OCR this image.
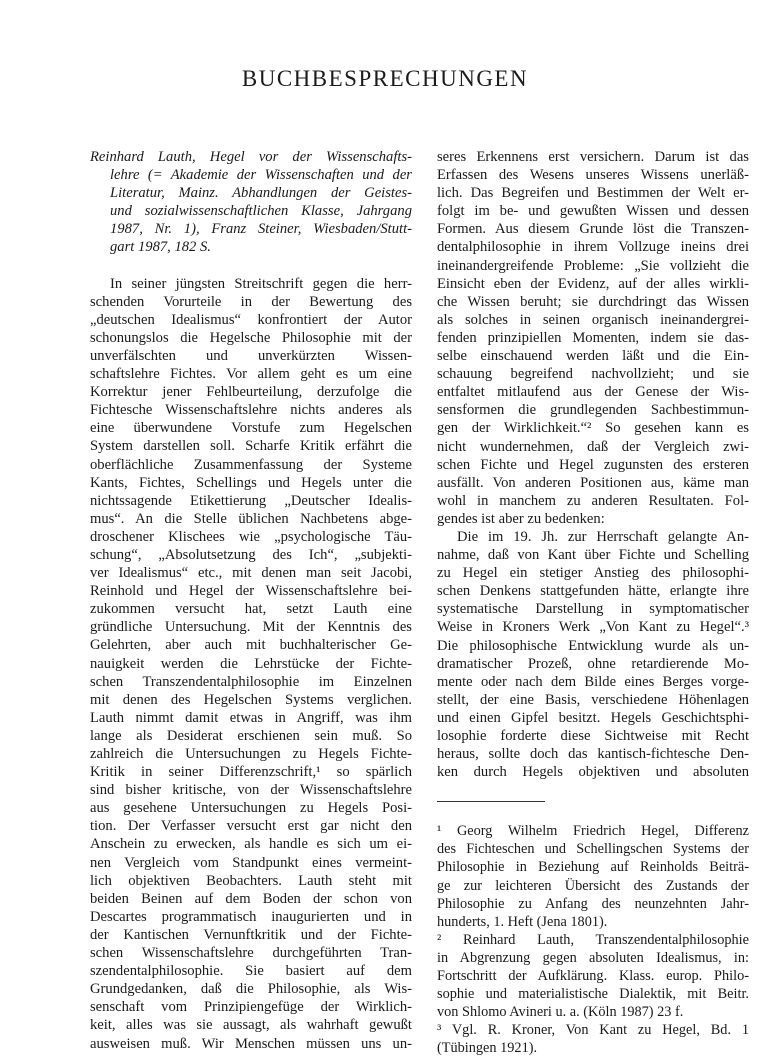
BUCHBESPRECHUNGEN
Reinhard Lauth, Hegel vor der Wissenschafts-
lehre (= Akademie der Wissenschaften und der
Literatur, Mainz. Abhandlungen der Geistes-
und sozialwissenschaftlichen Klasse, Jahrgang
1987, Nr. 1), Franz Steiner, Wiesbaden/Stutt-
gart 1987, 182 S.
In seiner jüngsten Streitschrift gegen die herr-
schenden Vorurteile in der Bewertung des
„deutschen Idealismus“ konfrontiert der Autor
schonungslos die Hegelsche Philosophie mit der
unverfälschten und unverkürzten Wissen-
schaftslehre Fichtes. Vor allem geht es um eine
Korrektur jener Fehlbeurteilung, derzufolge die
Fichtesche Wissenschaftslehre nichts anderes als
eine überwundene Vorstufe zum Hegelschen
System darstellen soll. Scharfe Kritik erfährt die
oberflächliche Zusammenfassung der Systeme
Kants, Fichtes, Schellings und Hegels unter die
nichtssagende Etikettierung „Deutscher Idealis-
mus“. An die Stelle üblichen Nachbetens abge-
droschener Klischees wie „psychologische Täu-
schung“, „Absolutsetzung des Ich“, „subjekti-
ver Idealismus“ etc., mit denen man seit Jacobi,
Reinhold und Hegel der Wissenschaftslehre bei-
zukommen versucht hat, setzt Lauth eine
gründliche Untersuchung. Mit der Kenntnis des
Gelehrten, aber auch mit buchhalterischer Ge-
nauigkeit werden die Lehrstücke der Fichte-
schen Transzendentalphilosophie im Einzelnen
mit denen des Hegelschen Systems verglichen.
Lauth nimmt damit etwas in Angriff, was ihm
lange als Desiderat erschienen sein muß. So
zahlreich die Untersuchungen zu Hegels Fichte-
Kritik in seiner Differenzschrift,¹ so spärlich
sind bisher kritische, von der Wissenschaftslehre
aus gesehene Untersuchungen zu Hegels Posi-
tion. Der Verfasser versucht erst gar nicht den
Anschein zu erwecken, als handle es sich um ei-
nen Vergleich vom Standpunkt eines vermeint-
lich objektiven Beobachters. Lauth steht mit
beiden Beinen auf dem Boden der schon von
Descartes programmatisch inaugurierten und in
der Kantischen Vernunftkritik und der Fichte-
schen Wissenschaftslehre durchgeführten Tran-
szendentalphilosophie. Sie basiert auf dem
Grundgedanken, daß die Philosophie, als Wis-
senschaft vom Prinzipiengefüge der Wirklich-
keit, alles was sie aussagt, als wahrhaft gewußt
ausweisen muß. Wir Menschen müssen uns un-
seres Erkennens erst versichern. Darum ist das
Erfassen des Wesens unseres Wissens unerläß-
lich. Das Begreifen und Bestimmen der Welt er-
folgt im be- und gewußten Wissen und dessen
Formen. Aus diesem Grunde löst die Transzen-
dentalphilosophie in ihrem Vollzuge ineins drei
ineinandergreifende Probleme: „Sie vollzieht die
Einsicht eben der Evidenz, auf der alles wirkli-
che Wissen beruht; sie durchdringt das Wissen
als solches in seinen organisch ineinandergrei-
fenden prinzipiellen Momenten, indem sie das-
selbe einschauend werden läßt und die Ein-
schauung begreifend nachvollzieht; und sie
entfaltet mitlaufend aus der Genese der Wis-
sensformen die grundlegenden Sachbestimmun-
gen der Wirklichkeit.“² So gesehen kann es
nicht wundernehmen, daß der Vergleich zwi-
schen Fichte und Hegel zugunsten des ersteren
ausfällt. Von anderen Positionen aus, käme man
wohl in manchem zu anderen Resultaten. Fol-
gendes ist aber zu bedenken:
Die im 19. Jh. zur Herrschaft gelangte An-
nahme, daß von Kant über Fichte und Schelling
zu Hegel ein stetiger Anstieg des philosophi-
schen Denkens stattgefunden hätte, erlangte ihre
systematische Darstellung in symptomatischer
Weise in Kroners Werk „Von Kant zu Hegel“.³
Die philosophische Entwicklung wurde als un-
dramatischer Prozeß, ohne retardierende Mo-
mente oder nach dem Bilde eines Berges vorge-
stellt, der eine Basis, verschiedene Höhenlagen
und einen Gipfel besitzt. Hegels Geschichtsphi-
losophie forderte diese Sichtweise mit Recht
heraus, sollte doch das kantisch-fichtesche Den-
ken durch Hegels objektiven und absoluten
¹ Georg Wilhelm Friedrich Hegel, Differenz
des Fichteschen und Schellingschen Systems der
Philosophie in Beziehung auf Reinholds Beiträ-
ge zur leichteren Übersicht des Zustands der
Philosophie zu Anfang des neunzehnten Jahr-
hunderts, 1. Heft (Jena 1801).
² Reinhard Lauth, Transzendentalphilosophie
in Abgrenzung gegen absoluten Idealismus, in:
Fortschritt der Aufklärung. Klass. europ. Philo-
sophie und materialistische Dialektik, mit Beitr.
von Shlomo Avineri u. a. (Köln 1987) 23 f.
³ Vgl. R. Kroner, Von Kant zu Hegel, Bd. 1
(Tübingen 1921).
